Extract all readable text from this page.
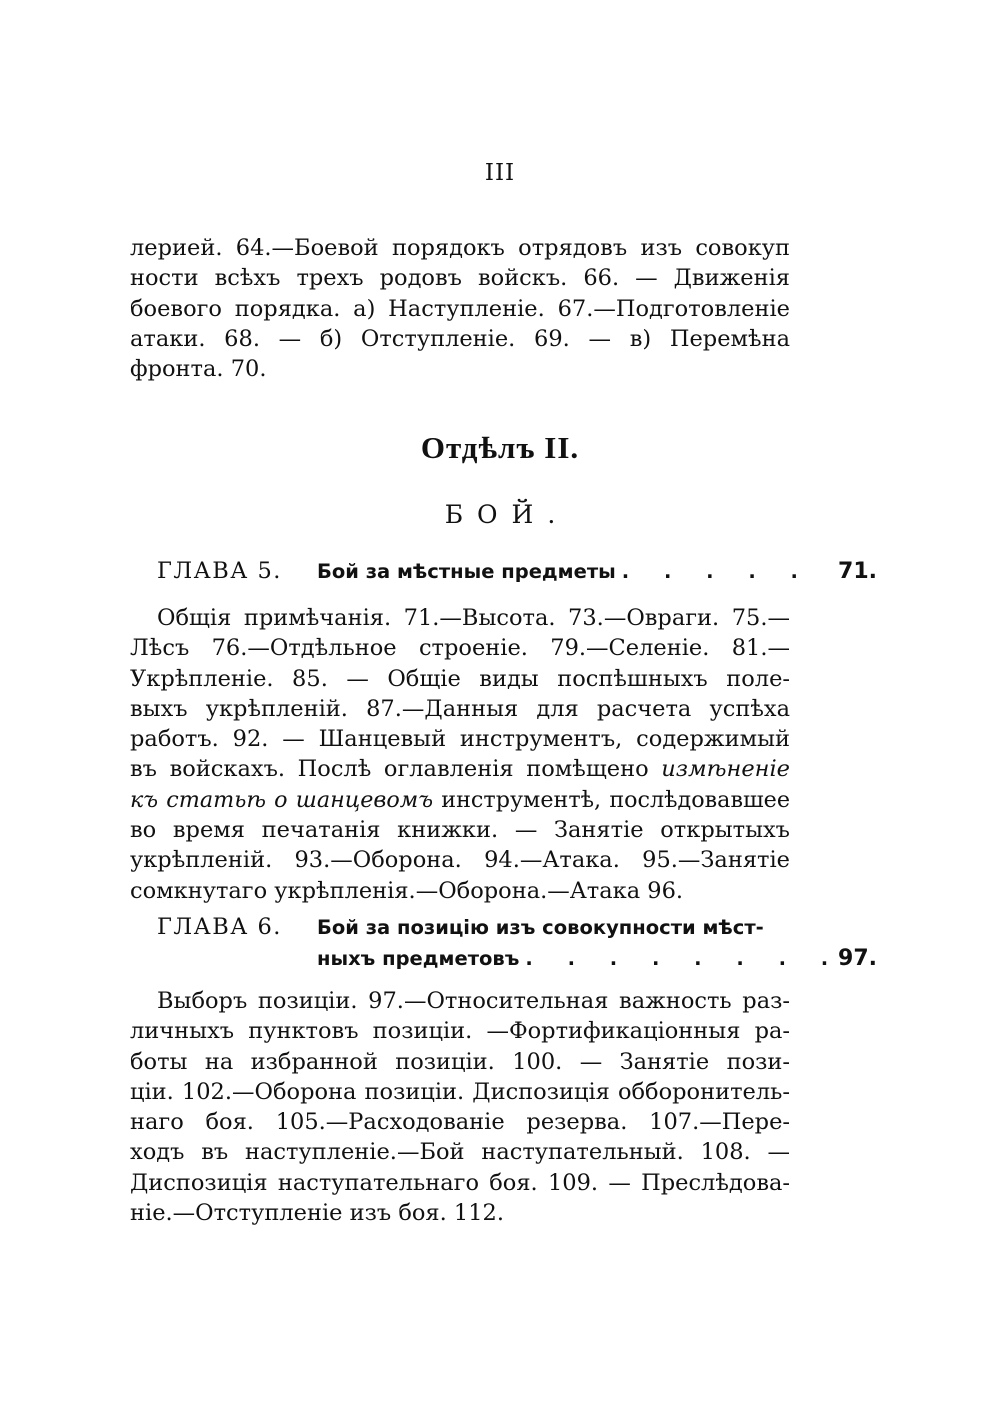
III
лерией. 64.—Боевой порядокъ отрядовъ изъ совокуп
ности всѣхъ трехъ родовъ войскъ. 66. — Движенія
боевого порядка. а) Наступленіе. 67.—Подготовленіе
атаки. 68. — б) Отступленіе. 69. — в) Перемѣна
фронта. 70.
Отдѣлъ II.
БОЙ.
ГЛАВА 5. Бой за мѣстные предметы . . . . . 71.
Общія примѣчанія. 71.—Высота. 73.—Овраги. 75.—
Лѣсъ 76.—Отдѣльное строеніе. 79.—Селеніе. 81.—
Укрѣпленіе. 85. — Общіе виды поспѣшныхъ поле-
выхъ укрѣпленій. 87.—Данныя для расчета успѣха
работъ. 92. — Шанцевый инструментъ, содержимый
въ войскахъ. Послѣ оглавленія помѣщено измѣненіе
къ статьѣ о шанцевомъ инструментѣ, послѣдовавшее
во время печатанія книжки. — Занятіе открытыхъ
укрѣпленій. 93.—Оборона. 94.—Атака. 95.—Занятіе
сомкнутаго укрѣпленія.—Оборона.—Атака 96.
ГЛАВА 6. Бой за позицію изъ совокупности мѣст-
ныхъ предметовъ . . . . . . . .
97.
Выборъ позиціи. 97.—Относительная важность раз-
личныхъ пунктовъ позиціи. —Фортификаціонныя ра-
боты на избранной позиціи. 100. — Занятіе пози-
ціи. 102.—Оборона позиціи. Диспозиція обборонитель-
наго боя. 105.—Расходованіе резерва. 107.—Пере-
ходъ въ наступленіе.—Бой наступательный. 108. —
Диспозиція наступательнаго боя. 109. — Преслѣдова-
ніе.—Отступленіе изъ боя. 112.
